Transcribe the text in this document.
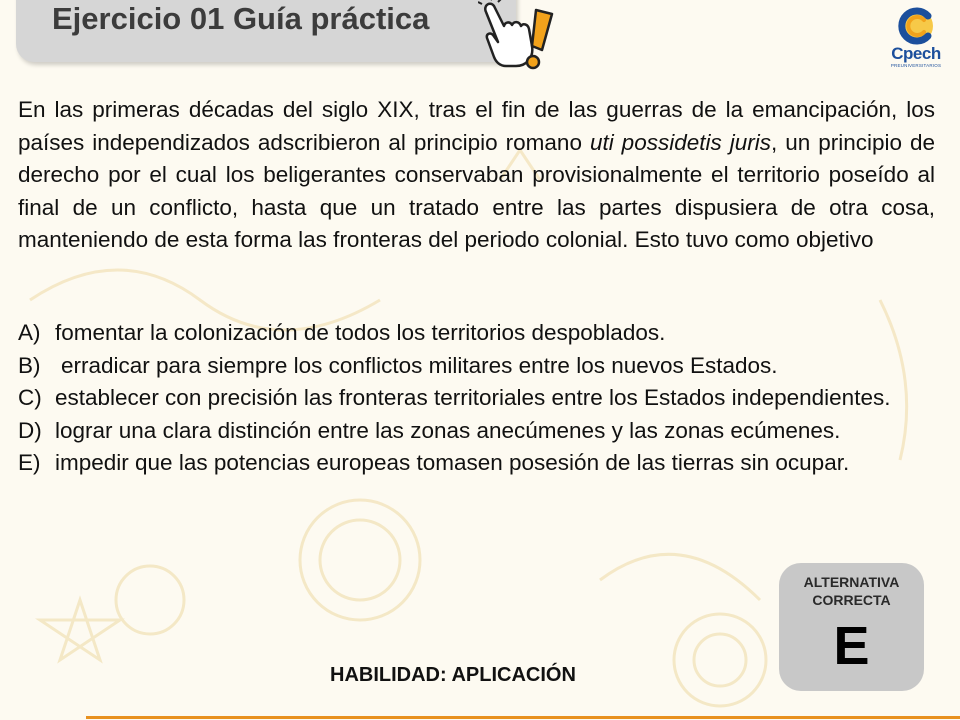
Ejercicio 01 Guía práctica
Cpech
PREUNIVERSITARIOS
En las primeras décadas del siglo XIX, tras el fin de las guerras de la emancipación, los países independizados adscribieron al principio romano uti possidetis juris, un principio de derecho por el cual los beligerantes conservaban provisionalmente el territorio poseído al final de un conflicto, hasta que un tratado entre las partes dispusiera de otra cosa, manteniendo de esta forma las fronteras del periodo colonial. Esto tuvo como objetivo
A) fomentar la colonización de todos los territorios despoblados.
B) erradicar para siempre los conflictos militares entre los nuevos Estados.
C) establecer con precisión las fronteras territoriales entre los Estados independientes.
D) lograr una clara distinción entre las zonas anecúmenes y las zonas ecúmenes.
E) impedir que las potencias europeas tomasen posesión de las tierras sin ocupar.
ALTERNATIVA
CORRECTA
E
HABILIDAD: APLICACIÓN
